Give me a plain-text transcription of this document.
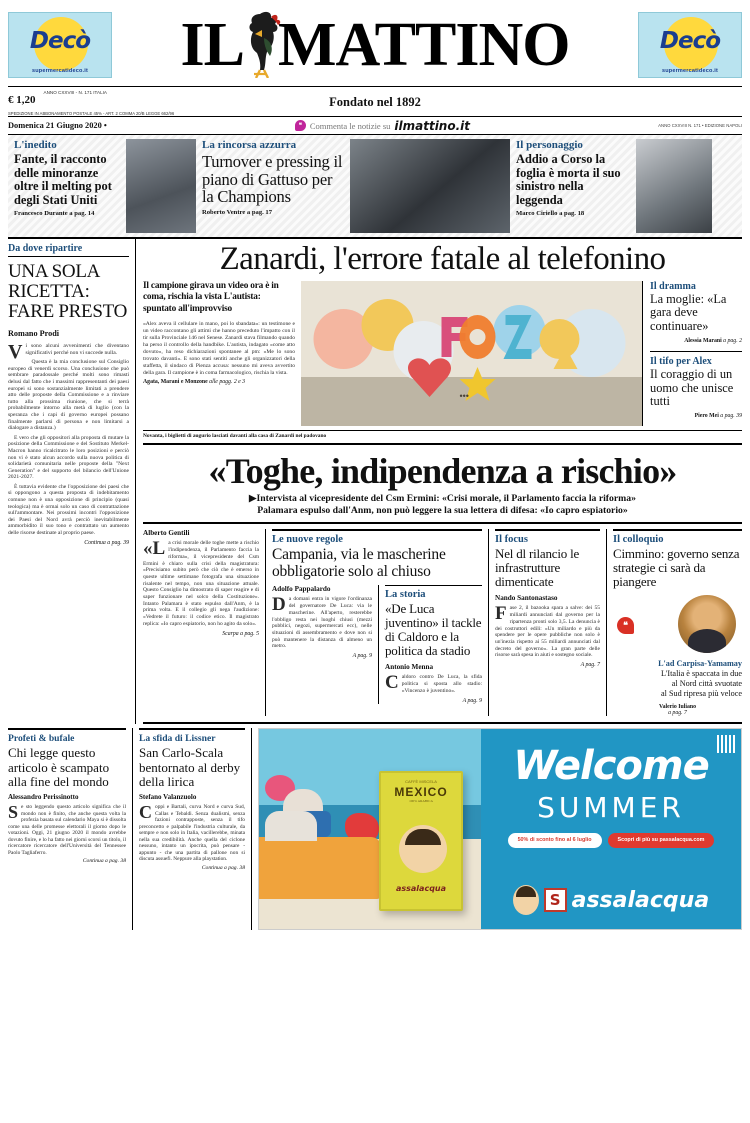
Decò
supermercatideco.it	IL MATTINO	Decò
supermercatideco.it
€ 1,20 ANNO CXXVIII - N. 171 ITALIA
SPEDIZIONE IN ABBONAMENTO POSTALE 45% - ART. 2 COMMA 20/B LEGGE 662/96
Fondato nel 1892
Domenica 21 Giugno 2020 •	❝ Commenta le notizie su ilmattino.it	ANNO CXXVIII N. 171 • EDIZIONE NAPOLI
L'inedito
Fante, il racconto delle minoranze oltre il melting pot degli Stati Uniti
Francesco Durante a pag. 14
La rincorsa azzurra
Turnover e pressing il piano di Gattuso per la Champions
Roberto Ventre a pag. 17
Il personaggio
Addio a Corso la foglia è morta il suo sinistro nella leggenda
Marco Ciriello a pag. 18
Da dove ripartire
UNA SOLA RICETTA: FARE PRESTO
Romano Prodi

Vi sono alcuni avvenimenti che diventano significativi perché non vi succede nulla.

Questa è la mia conclusione sul Consiglio europeo di venerdì scorso. Una conclusione che può sembrare paradossale perché molti sono rimasti delusi dal fatto che i massimi rappresentanti dei paesi europei si sono sostanzialmente limitati a prendere atto delle proposte della Commissione e a rinviare tutto alla prossima riunione, che si terrà probabilmente intorno alla metà di luglio (con la speranza che i capi di governo europei possano finalmente parlarsi di persona e non limitarsi a dialogare a distanza.)

E vero che gli oppositori alla proposta di mutare la posizione della Commissione e del Sostituto Merkel-Macron hanno ricalcitrato le loro posizioni e perciò non vi è stato alcun accordo sulla nuova politica di solidarietà comunitaria nelle proposte della "Next Generation" e del supporto del bilancio dell'Unione 2021-2027.

È tuttavia evidente che l'opposizione dei paesi che si oppongono a questa proposta di indebitamento comune non è una opposizione di principio (quasi teologica) ma è ormai solo un caso di contrattazione sull'ammontare. Nei prossimi incontri l'opposizione dei Paesi del Nord avrà perciò inevitabilmente ammorbidito il suo tono e contrattato un aumento delle risorse destinate al proprio paese.

Continua a pag. 39
Zanardi, l'errore fatale al telefonino
Il campione girava un video ora è in coma, rischia la vista L'autista: spuntato all'improvviso
«Alex aveva il cellulare in mano, poi lo sbandata»: un testimone e un video raccontano gli attimi che hanno preceduto l'impatto con il tir sulla Provinciale 146 nel Senese. Zanardi stava filmando quando ha perso il controllo della handbike. L'autista, indagato «come atto dovuto», ha reso dichiarazioni spontanee al pm: «Me lo sono trovato davanti». E sono stati sentiti anche gli organizzatori della staffetta, il sindaco di Pienza accusa: nessuno mi aveva avvertito della gara. Il campione è in coma farmacologico, rischia la vista.
Agata, Marani e Monzone alle pagg. 2 e 3
•••
Il dramma
La moglie: «La gara deve continuare»
Alessia Marani a pag. 2
Il tifo per Alex
Il coraggio di un uomo che unisce tutti
Piero Mei a pag. 39
Novanta, i biglietti di augurio lasciati davanti alla casa di Zanardi nel padovano
«Toghe, indipendenza a rischio»
▶Intervista al vicepresidente del Csm Ermini: «Crisi morale, il Parlamento faccia la riforma»
Palamara espulso dall'Anm, non può leggere la sua lettera di difesa: «Io capro espiatorio»
Alberto Gentili
«L a crisi morale delle toghe mette a rischio l'indipendenza, il Parlamento faccia la riforma», il vicepresidente del Csm Ermini è chiaro sulla crisi della magistratura: «Precisiamo subito però che ciò che è emerso in queste ultime settimane fotografa una situazione risalente nel tempo, non una situazione attuale. Questo Consiglio ha dimostrato di saper reagire e di saper funzionare nel solco della Costituzione». Intanto Palamara è stato espulso dall'Anm, è la prima volta. E il collegio gli nega l'audizione: «Vedrete il futuro: il codice etico. Il magistrato replica: «Io capro espiatorio, non ho agito da solo».
Scarpa a pag. 5
Le nuove regole
Campania, via le mascherine obbligatorie solo al chiuso
Adolfo Pappalardo
Da domani entra in vigore l'ordinanza del governatore De Luca: via le mascherine. All'aperto, resterebbe l'obbligo resta nei luoghi chiusi (mezzi pubblici, negozi, supermercati ecc), nelle situazioni di assembramento e dove non si può mantenere la distanza di almeno un metro.
A pag. 9
La storia
«De Luca juventino» il tackle di Caldoro e la politica da stadio
Antonio Menna
Caldoro contro De Luca, la sfida politica si sposta allo stadio: «Vincenzo è juventino».
A pag. 9
Il focus
Nel dl rilancio le infrastrutture dimenticate
Nando Santonastaso
Fase 2, il bazooka spara a salve: dei 55 miliardi annunciati dal governo per la ripartenza pronti solo 3,5. La denuncia è dei costruttori edili: «Un miliardo e più da spendere per le opere pubbliche non solo è un'inezia rispetto ai 55 miliardi annunciati dal decreto del governo». La gran parte delle risorse sarà spesa in aiuti e sostegno sociale.
A pag. 7
Il colloquio
Cimmino: governo senza strategie ci sarà da piangere
❝
L'ad Carpisa-Yamamay
L'Italia è spaccata in due
al Nord città svuotate
al Sud ripresa più veloce
Valerio Iuliano
a pag. 7
Profeti & bufale
Chi legge questo articolo è scampato alla fine del mondo
Alessandro Perissinotto
Se sto leggendo questo articolo significa che il mondo non è finito, che anche questa volta la profezia basata sul calendario Maya si è dissolta come una delle promesse elettorali il giorno dopo le votazioni. Oggi, 21 giugno 2020 il mondo avrebbe dovuto finire, e lo ha fatto nei giorni scorsi un titolo, il ricercatore ricercatore dell'Università del Tennessee Paolo Tagliaferro.
Continua a pag. 38
La sfida di Lissner
San Carlo-Scala bentornato al derby della lirica
Stefano Valanzuolo
Coppi e Bartali, curva Nord e curva Sud, Callas e Tebaldi. Senza dualismi, senza fazioni contrapposte, senza il tifo preconcetto e palpabile l'industria culturale, da sempre e non solo in Italia, vacillerebbe, minata nella sua credibilità. Anche quella del ciclone nessuno, intanto un ipocrita, può pensare - appunto - che una partita di pallone non si discuta assuefi. Neppure alla playstation.
Continua a pag. 38
CAFFÈ MISCELA
MEXICO
100% ARABICA
assalacqua
Welcome
SUMMER
50% di sconto fino al 6 luglio	Scopri di più su passalacqua.com
S assalacqua
